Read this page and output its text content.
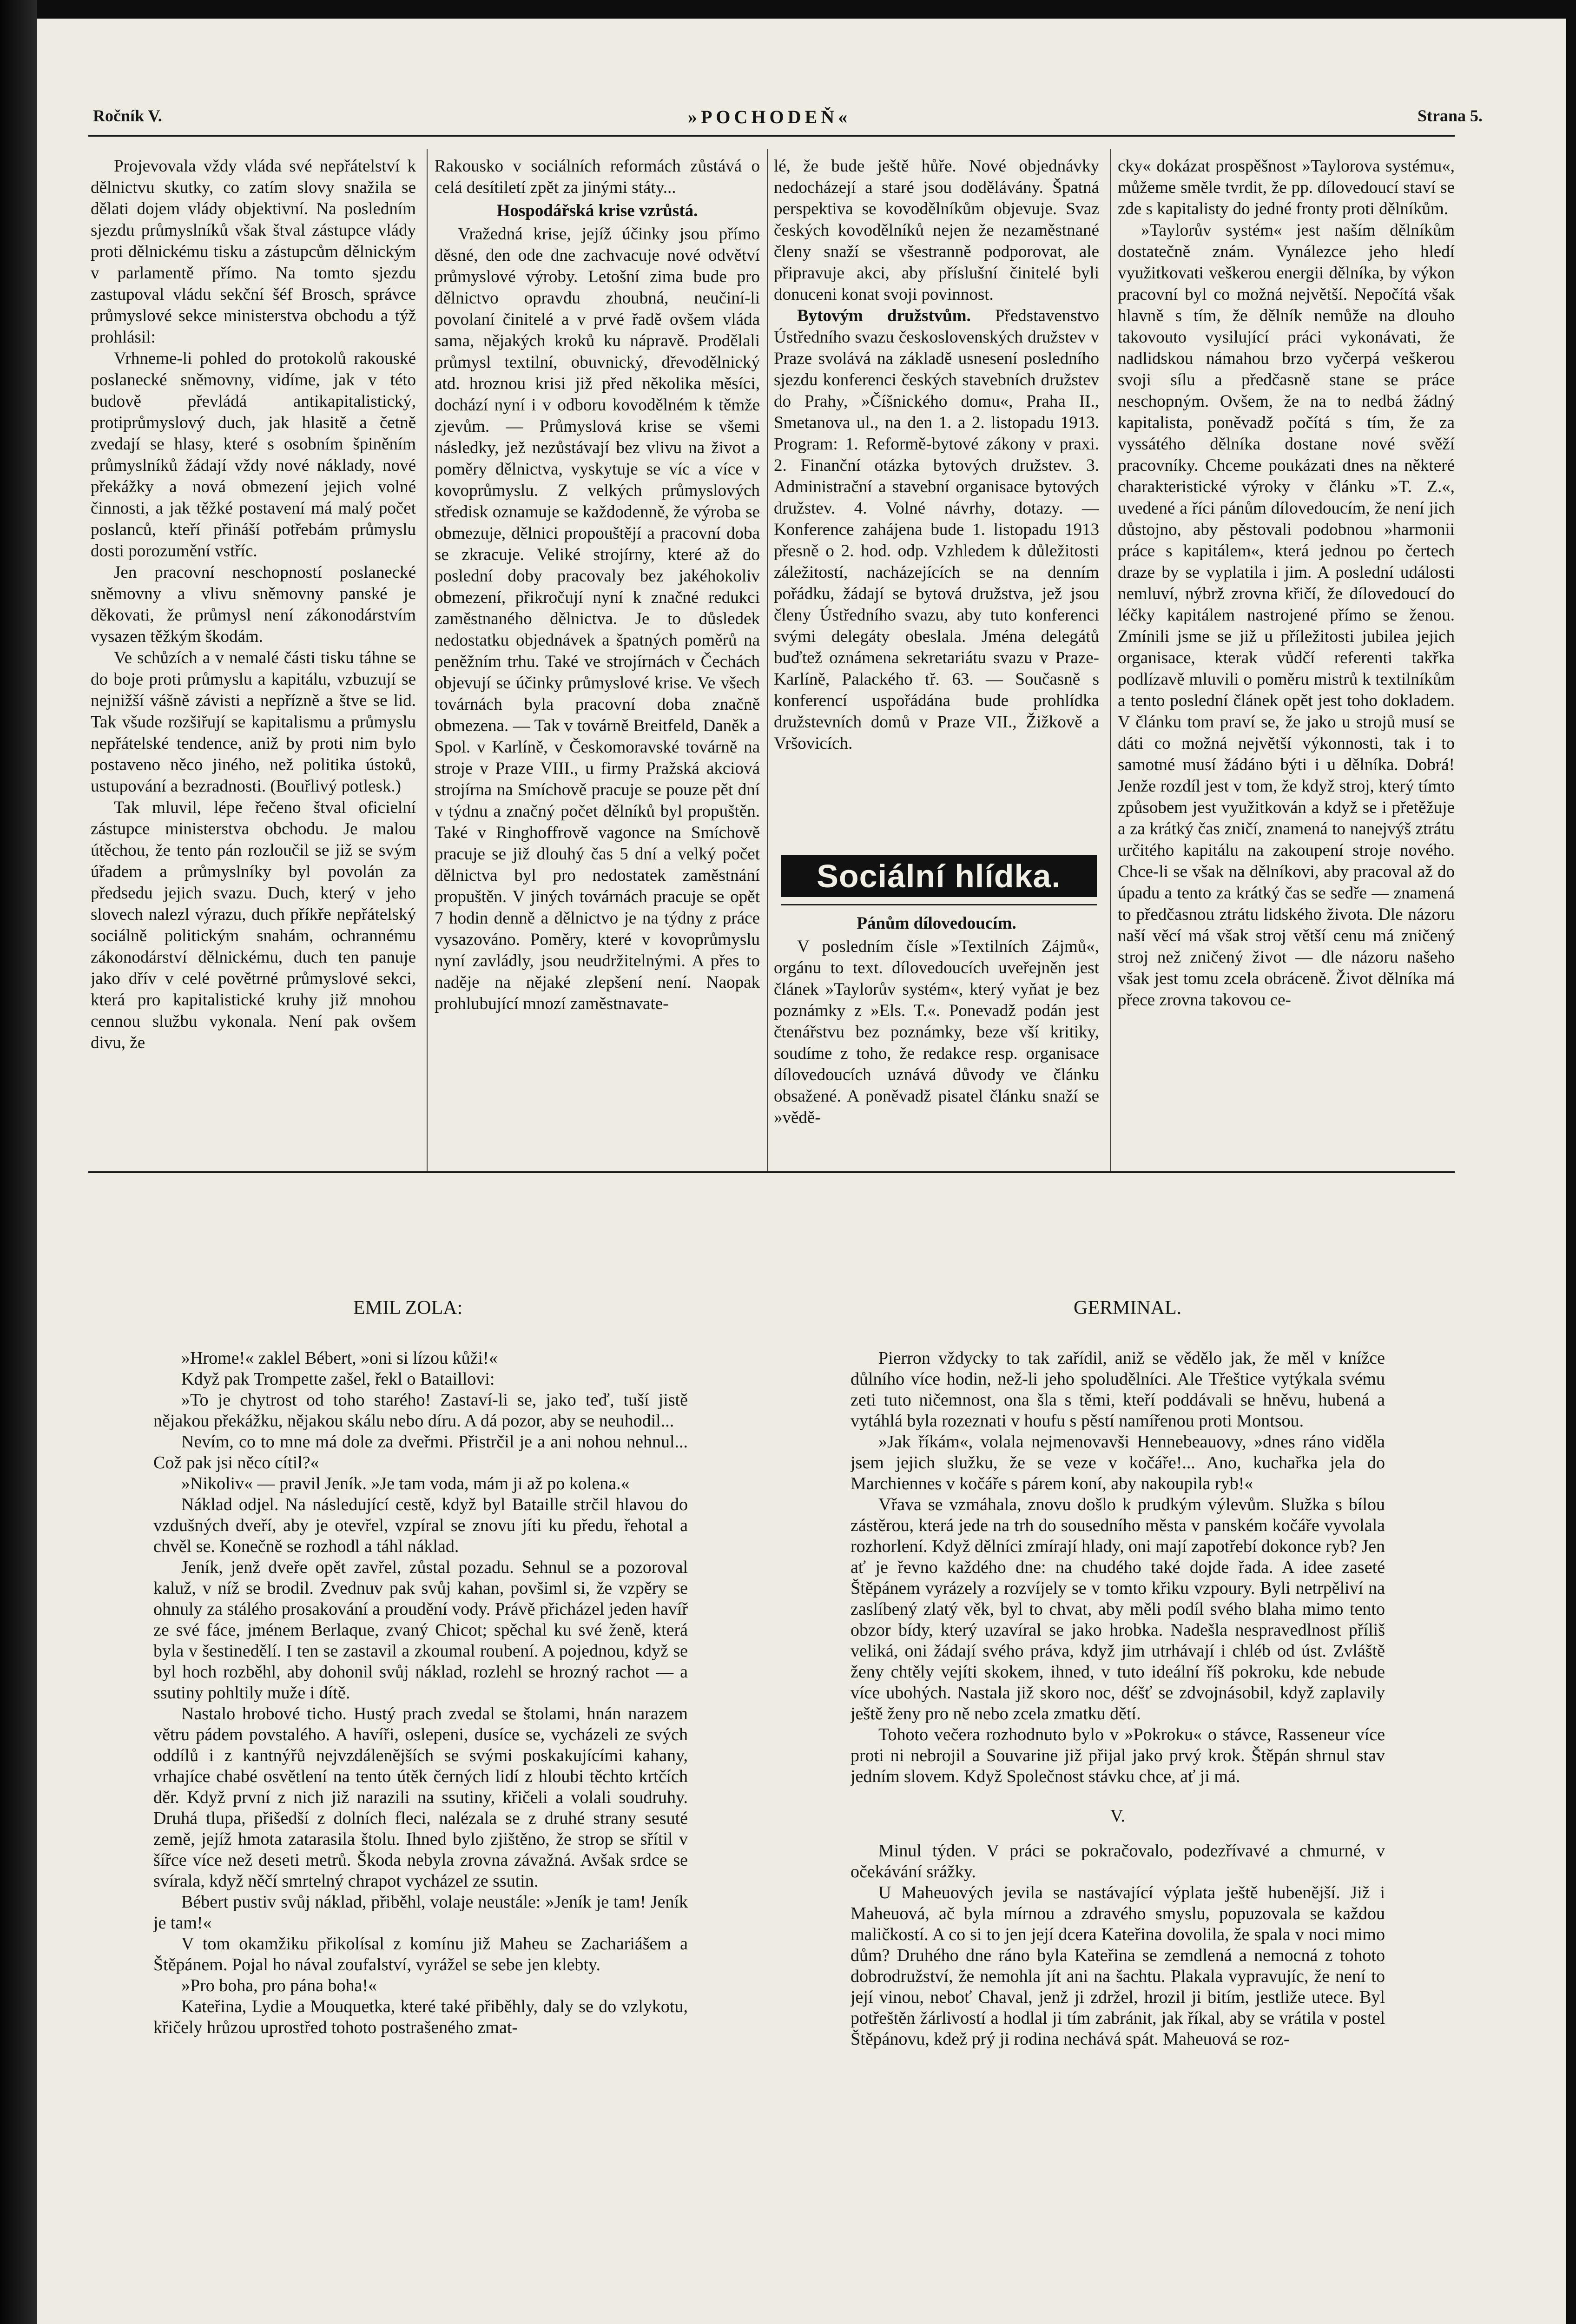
Ročník V.	»POCHODEŇ«	Strana 5.

Projevovala vždy vláda své nepřátelství k dělnictvu skutky, co zatím slovy snažila se dělati dojem vlády objektivní. Na posledním sjezdu průmyslníků však štval zástupce vlády proti dělnickému tisku a zástupcům dělnickým v parlamentě přímo. Na tomto sjezdu zastupoval vládu sekční šéf Brosch, správce průmyslové sekce ministerstva obchodu a týž prohlásil:

Vrhneme-li pohled do protokolů rakouské poslanecké sněmovny, vidíme, jak v této budově převládá antikapitalistický, protiprůmyslový duch, jak hlasitě a četně zvedají se hlasy, které s osobním špiněním průmyslníků žádají vždy nové náklady, nové překážky a nová obmezení jejich volné činnosti, a jak těžké postavení má malý počet poslanců, kteří přináší potřebám průmyslu dosti porozumění vstříc.

Jen pracovní neschopností poslanecké sněmovny a vlivu sněmovny panské je děkovati, že průmysl není zákonodárstvím vysazen těžkým škodám.

Ve schůzích a v nemalé části tisku táhne se do boje proti průmyslu a kapitálu, vzbuzují se nejnižší vášně závisti a nepřízně a štve se lid. Tak všude rozšiřují se kapitalismu a průmyslu nepřátelské tendence, aniž by proti nim bylo postaveno něco jiného, než politika ústoků, ustupování a bezradnosti. (Bouřlivý potlesk.)

Tak mluvil, lépe řečeno štval oficielní zástupce ministerstva obchodu. Je malou útěchou, že tento pán rozloučil se již se svým úřadem a průmyslníky byl povolán za předsedu jejich svazu. Duch, který v jeho slovech nalezl výrazu, duch příkře nepřátelský sociálně politickým snahám, ochrannému zákonodárství dělnickému, duch ten panuje jako dřív v celé povětrné průmyslové sekci, která pro kapitalistické kruhy již mnohou cennou službu vykonala. Není pak ovšem divu, že

Rakousko v sociálních reformách zůstává o celá desítiletí zpět za jinými státy...

Hospodářská krise vzrůstá.

Vražedná krise, jejíž účinky jsou přímo děsné, den ode dne zachvacuje nové odvětví průmyslové výroby. Letošní zima bude pro dělnictvo opravdu zhoubná, neučiní-li povolaní činitelé a v prvé řadě ovšem vláda sama, nějakých kroků ku nápravě. Prodělali průmysl textilní, obuvnický, dřevodělnický atd. hroznou krisi již před několika měsíci, dochází nyní i v odboru kovodělném k těmže zjevům. — Průmyslová krise se všemi následky, jež nezůstávají bez vlivu na život a poměry dělnictva, vyskytuje se víc a více v kovoprůmyslu. Z velkých průmyslových středisk oznamuje se každodenně, že výroba se obmezuje, dělnici propouštějí a pracovní doba se zkracuje. Veliké strojírny, které až do poslední doby pracovaly bez jakéhokoliv obmezení, přikročují nyní k značné redukci zaměstnaného dělnictva. Je to důsledek nedostatku objednávek a špatných poměrů na peněžním trhu. Také ve strojírnách v Čechách objevují se účinky průmyslové krise. Ve všech továrnách byla pracovní doba značně obmezena. — Tak v továrně Breitfeld, Daněk a Spol. v Karlíně, v Českomoravské továrně na stroje v Praze VIII., u firmy Pražská akciová strojírna na Smíchově pracuje se pouze pět dní v týdnu a značný počet dělníků byl propuštěn. Také v Ringhoffrově vagonce na Smíchově pracuje se již dlouhý čas 5 dní a velký počet dělnictva byl pro nedostatek zaměstnání propuštěn. V jiných továrnách pracuje se opět 7 hodin denně a dělnictvo je na týdny z práce vysazováno. Poměry, které v kovoprůmyslu nyní zavládly, jsou neudržitelnými. A přes to naděje na nějaké zlepšení není. Naopak prohlubující mnozí zaměstnavate-

lé, že bude ještě hůře. Nové objednávky nedocházejí a staré jsou dodělávány. Špatná perspektiva se kovodělníkům objevuje. Svaz českých kovodělníků nejen že nezaměstnané členy snaží se všestranně podporovat, ale připravuje akci, aby příslušní činitelé byli donuceni konat svoji povinnost.

Bytovým družstvům. Představenstvo Ústředního svazu československých družstev v Praze svolává na základě usnesení posledního sjezdu konferenci českých stavebních družstev do Prahy, »Číšnického domu«, Praha II., Smetanova ul., na den 1. a 2. listopadu 1913. Program: 1. Reformě-bytové zákony v praxi. 2. Finanční otázka bytových družstev. 3. Administrační a stavební organisace bytových družstev. 4. Volné návrhy, dotazy. — Konference zahájena bude 1. listopadu 1913 přesně o 2. hod. odp. Vzhledem k důležitosti záležitostí, nacházejících se na denním pořádku, žádají se bytová družstva, jež jsou členy Ústředního svazu, aby tuto konferenci svými delegáty obeslala. Jména delegátů buďtež oznámena sekretariátu svazu v Praze-Karlíně, Palackého tř. 63. — Současně s konferencí uspořádána bude prohlídka družstevních domů v Praze VII., Žižkově a Vršovicích.

Sociální hlídka.

Pánům dílovedoucím.

V posledním čísle »Textilních Zájmů«, orgánu to text. dílovedoucích uveřejněn jest článek »Taylorův systém«, který vyňat je bez poznámky z »Els. T.«. Ponevadž podán jest čtenářstvu bez poznámky, beze vší kritiky, soudíme z toho, že redakce resp. organisace dílovedoucích uznává důvody ve článku obsažené. A poněvadž pisatel článku snaží se »vědě-

cky« dokázat prospěšnost »Taylorova systému«, můžeme směle tvrdit, že pp. dílovedoucí staví se zde s kapitalisty do jedné fronty proti dělníkům.

»Taylorův systém« jest naším dělníkům dostatečně znám. Vynálezce jeho hledí využitkovati veškerou energii dělníka, by výkon pracovní byl co možná největší. Nepočítá však hlavně s tím, že dělník nemůže na dlouho takovouto vysilující práci vykonávati, že nadlidskou námahou brzo vyčerpá veškerou svoji sílu a předčasně stane se práce neschopným. Ovšem, že na to nedbá žádný kapitalista, poněvadž počítá s tím, že za vyssátého dělníka dostane nové svěží pracovníky. Chceme poukázati dnes na některé charakteristické výroky v článku »T. Z.«, uvedené a říci pánům dílovedoucím, že není jich důstojno, aby pěstovali podobnou »harmonii práce s kapitálem«, která jednou po čertech draze by se vyplatila i jim. A poslední události nemluví, nýbrž zrovna křičí, že dílovedoucí do léčky kapitálem nastrojené přímo se ženou. Zmínili jsme se již u příležitosti jubilea jejich organisace, kterak vůdčí referenti takřka podlízavě mluvili o poměru mistrů k textilníkům a tento poslední článek opět jest toho dokladem. V článku tom praví se, že jako u strojů musí se dáti co možná největší výkonnosti, tak i to samotné musí žádáno býti i u dělníka. Dobrá! Jenže rozdíl jest v tom, že když stroj, který tímto způsobem jest využitkován a když se i přetěžuje a za krátký čas zničí, znamená to nanejvýš ztrátu určitého kapitálu na zakoupení stroje nového. Chce-li se však na dělníkovi, aby pracoval až do úpadu a tento za krátký čas se sedře — znamená to předčasnou ztrátu lidského života. Dle názoru naší věcí má však stroj větší cenu má zničený stroj než zničený život — dle názoru našeho však jest tomu zcela obráceně. Život dělníka má přece zrovna takovou ce-

EMIL ZOLA:	GERMINAL.

»Hrome!« zaklel Bébert, »oni si lízou kůži!«

Když pak Trompette zašel, řekl o Bataillovi:

»To je chytrost od toho starého! Zastaví-li se, jako teď, tuší jistě nějakou překážku, nějakou skálu nebo díru. A dá pozor, aby se neuhodil...

Nevím, co to mne má dole za dveřmi. Přistrčil je a ani nohou nehnul... Což pak jsi něco cítil?«

»Nikoliv« — pravil Jeník. »Je tam voda, mám ji až po kolena.«

Náklad odjel. Na následující cestě, když byl Bataille strčil hlavou do vzdušných dveří, aby je otevřel, vzpíral se znovu jíti ku předu, řehotal a chvěl se. Konečně se rozhodl a táhl náklad.

Jeník, jenž dveře opět zavřel, zůstal pozadu. Sehnul se a pozoroval kaluž, v níž se brodil. Zvednuv pak svůj kahan, povšiml si, že vzpěry se ohnuly za stálého prosakování a proudění vody. Právě přicházel jeden havíř ze své fáce, jménem Berlaque, zvaný Chicot; spěchal ku své ženě, která byla v šestinedělí. I ten se zastavil a zkoumal roubení. A pojednou, když se byl hoch rozběhl, aby dohonil svůj náklad, rozlehl se hrozný rachot — a ssutiny pohltily muže i dítě.

Nastalo hrobové ticho. Hustý prach zvedal se štolami, hnán narazem větru pádem povstalého. A havíři, oslepeni, dusíce se, vycházeli ze svých oddílů i z kantnýřů nejvzdálenějších se svými poskakujícími kahany, vrhajíce chabé osvětlení na tento útěk černých lidí z hloubi těchto krtčích děr. Když první z nich již narazili na ssutiny, křičeli a volali soudruhy. Druhá tlupa, přišedší z dolních fleci, nalézala se z druhé strany sesuté země, jejíž hmota zatarasila štolu. Ihned bylo zjištěno, že strop se sřítil v šířce více než deseti metrů. Škoda nebyla zrovna závažná. Avšak srdce se svírala, když něčí smrtelný chrapot vycházel ze ssutin.

Bébert pustiv svůj náklad, přiběhl, volaje neustále: »Jeník je tam! Jeník je tam!«

V tom okamžiku přikolísal z komínu již Maheu se Zachariášem a Štěpánem. Pojal ho nával zoufalství, vyrážel se sebe jen klebty.

»Pro boha, pro pána boha!«

Kateřina, Lydie a Mouquetka, které také přiběhly, daly se do vzlykotu, křičely hrůzou uprostřed tohoto postrašeného zmat-

Pierron vždycky to tak zařídil, aniž se vědělo jak, že měl v knížce důlního více hodin, než-li jeho spoludělníci. Ale Třeštice vytýkala svému zeti tuto ničemnost, ona šla s těmi, kteří poddávali se hněvu, hubená a vytáhlá byla rozeznati v houfu s pěstí namířenou proti Montsou.

»Jak říkám«, volala nejmenovavši Hennebeauovy, »dnes ráno viděla jsem jejich služku, že se veze v kočáře!... Ano, kuchařka jela do Marchiennes v kočáře s párem koní, aby nakoupila ryb!«

Vřava se vzmáhala, znovu došlo k prudkým výlevům. Služka s bílou zástěrou, která jede na trh do sousedního města v panském kočáře vyvolala rozhorlení. Když dělníci zmírají hlady, oni mají zapotřebí dokonce ryb? Jen ať je řevno každého dne: na chudého také dojde řada. A idee zaseté Štěpánem vyrázely a rozvíjely se v tomto křiku vzpoury. Byli netrpěliví na zaslíbený zlatý věk, byl to chvat, aby měli podíl svého blaha mimo tento obzor bídy, který uzavíral se jako hrobka. Nadešla nespravedlnost příliš veliká, oni žádají svého práva, když jim utrhávají i chléb od úst. Zvláště ženy chtěly vejíti skokem, ihned, v tuto ideální říš pokroku, kde nebude více ubohých. Nastala již skoro noc, déšť se zdvojnásobil, když zaplavily ještě ženy pro ně nebo zcela zmatku dětí.

Tohoto večera rozhodnuto bylo v »Pokroku« o stávce, Rasseneur více proti ni nebrojil a Souvarine již přijal jako prvý krok. Štěpán shrnul stav jedním slovem. Když Společnost stávku chce, ať ji má.

V.

Minul týden. V práci se pokračovalo, podezřívavé a chmurné, v očekávání srážky.

U Maheuových jevila se nastávající výplata ještě hubenější. Již i Maheuová, ač byla mírnou a zdravého smyslu, popuzovala se každou maličkostí. A co si to jen její dcera Kateřina dovolila, že spala v noci mimo dům? Druhého dne ráno byla Kateřina se zemdlená a nemocná z tohoto dobrodružství, že nemohla jít ani na šachtu. Plakala vypravujíc, že není to její vinou, neboť Chaval, jenž ji zdržel, hrozil ji bitím, jestliže utece. Byl potřeštěn žárlivostí a hodlal ji tím zabránit, jak říkal, aby se vrátila v postel Štěpánovu, kdež prý ji rodina nechává spát. Maheuová se roz-
